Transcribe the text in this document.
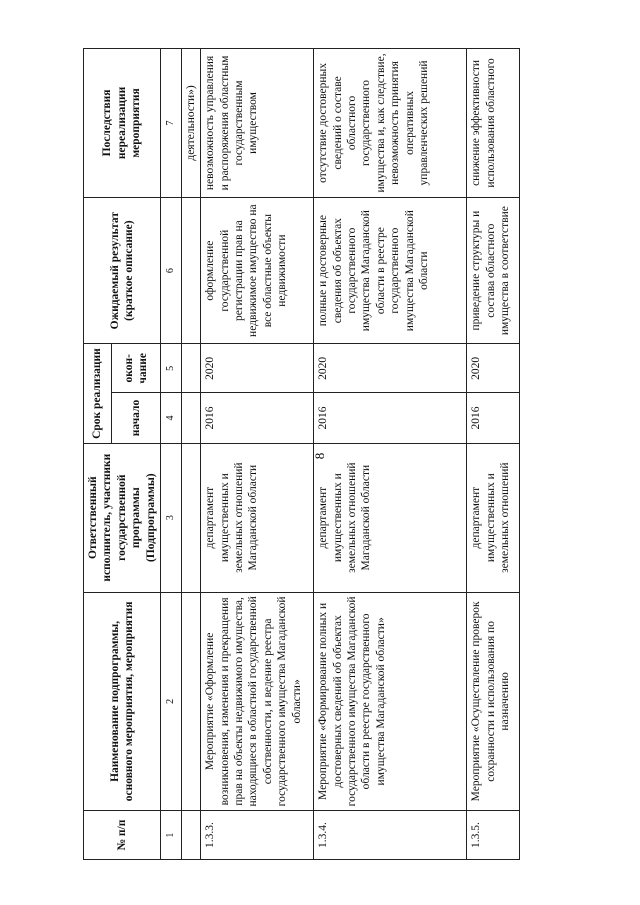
8
№ п/п	Наименование подпрограммы, основного мероприятия, мероприятия	Ответственный исполнитель, участники государственной программы (Подпрограммы)	Срок реализации		Ожидаемый результат (краткое описание)	Последствия нереализации мероприятия
			начало	окон-чание		
1	2	3	4	5	6	7
						деятельности»)
1.3.3.	Мероприятие «Оформление возникновения, изменения и прекращения прав на объекты недвижимого имущества, находящиеся в областной государственной собственности, и ведение реестра государственного имущества Магаданской области»	департамент имущественных и земельных отношений Магаданской области	2016	2020	оформление государственной регистрации прав на недвижимое имущество на все областные объекты недвижимости	невозможность управления и распоряжения областным государственным имуществом
1.3.4.	Мероприятие «Формирование полных и достоверных сведений об объектах государственного имущества Магаданской области в реестре государственного имущества Магаданской области»	департамент имущественных и земельных отношений Магаданской области	2016	2020	полные и достоверные сведения об объектах государственного имущества Магаданской области в реестре государственного имущества Магаданской области	отсутствие достоверных сведений о составе областного государственного имущества и, как следствие, невозможность принятия оперативных управленческих решений
1.3.5.	Мероприятие «Осуществление проверок сохранности и использования по назначению	департамент имущественных и земельных отношений	2016	2020	приведение структуры и состава областного имущества в соответствие	снижение эффективности использования областного
